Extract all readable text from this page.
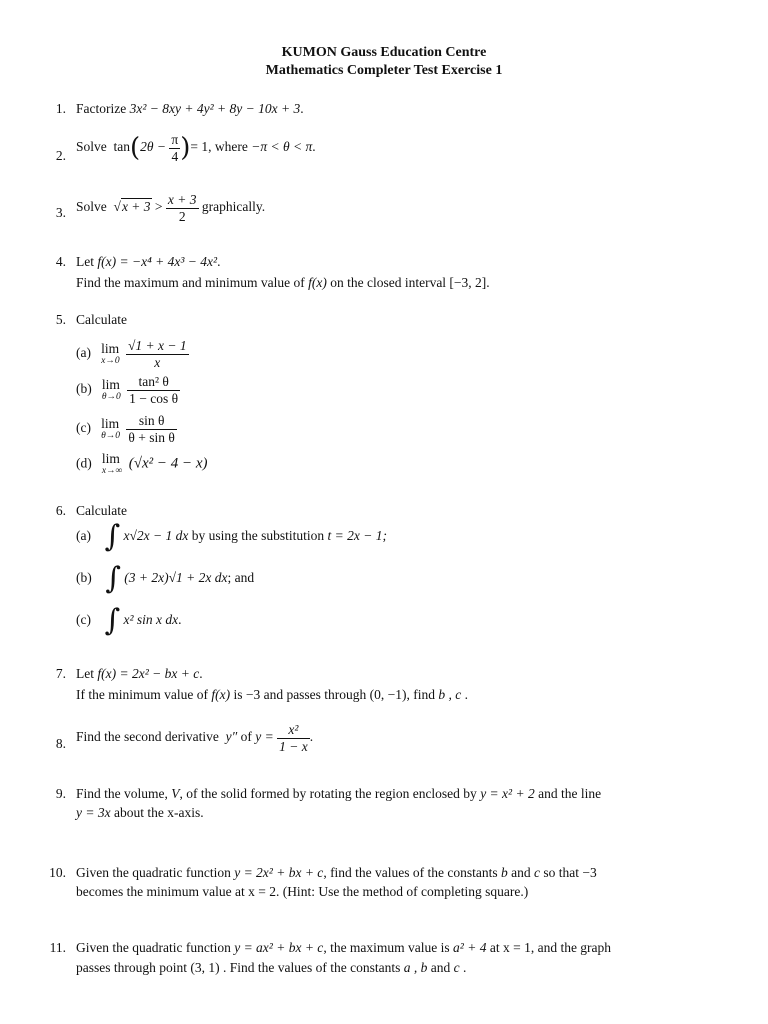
KUMON Gauss Education Centre
Mathematics Completer Test Exercise 1
1. Factorize 3x² − 8xy + 4y² + 8y − 10x + 3.
2.
Solve $\tan(2\theta - \frac{\pi}{4}$ )= 1, where −π < θ < π.
3. Solve  $√x + 3 > \frac{x + 3}{2}$ graphically.
4. Let f(x) = −x⁴ + 4x³ − 4x².
Find the maximum and minimum value of f(x) on the closed interval [−3, 2].
5. Calculate
(a) lim
x→0
$\frac{√1 + x - 1}{x}$
(b) lim
θ→0
$\frac{\text{tan² θ}}{\text{1 − cos θ}}$
(c) lim
θ→0
$\frac{\text{sin θ}}{\text{θ + sin θ}}$
(d) lim
x→∞ (√x² − 4 − x)
6. Calculate
(a) ∫ x√2x − 1 dx by using the substitution t = 2x − 1;
(b) ∫ (3 + 2x)√1 + 2x dx; and
(c) ∫ x² sin x dx.
7. Let f(x) = 2x² − bx + c.
If the minimum value of f(x) is −3 and passes through (0, −1), find b , c .
8. Find the second derivative y″ of $y = \frac{\text{x²}}{1 - x}$ .
9. Find the volume, V, of the solid formed by rotating the region enclosed by y = x² + 2 and the line
y = 3x about the x-axis.
10. Given the quadratic function y = 2x² + bx + c, find the values of the constants b and c so that −3
becomes the minimum value at x = 2. (Hint: Use the method of completing square.)
11. Given the quadratic function y = ax² + bx + c, the maximum value is a² + 4 at x = 1, and the graph
passes through point (3, 1) . Find the values of the constants a , b and c .
